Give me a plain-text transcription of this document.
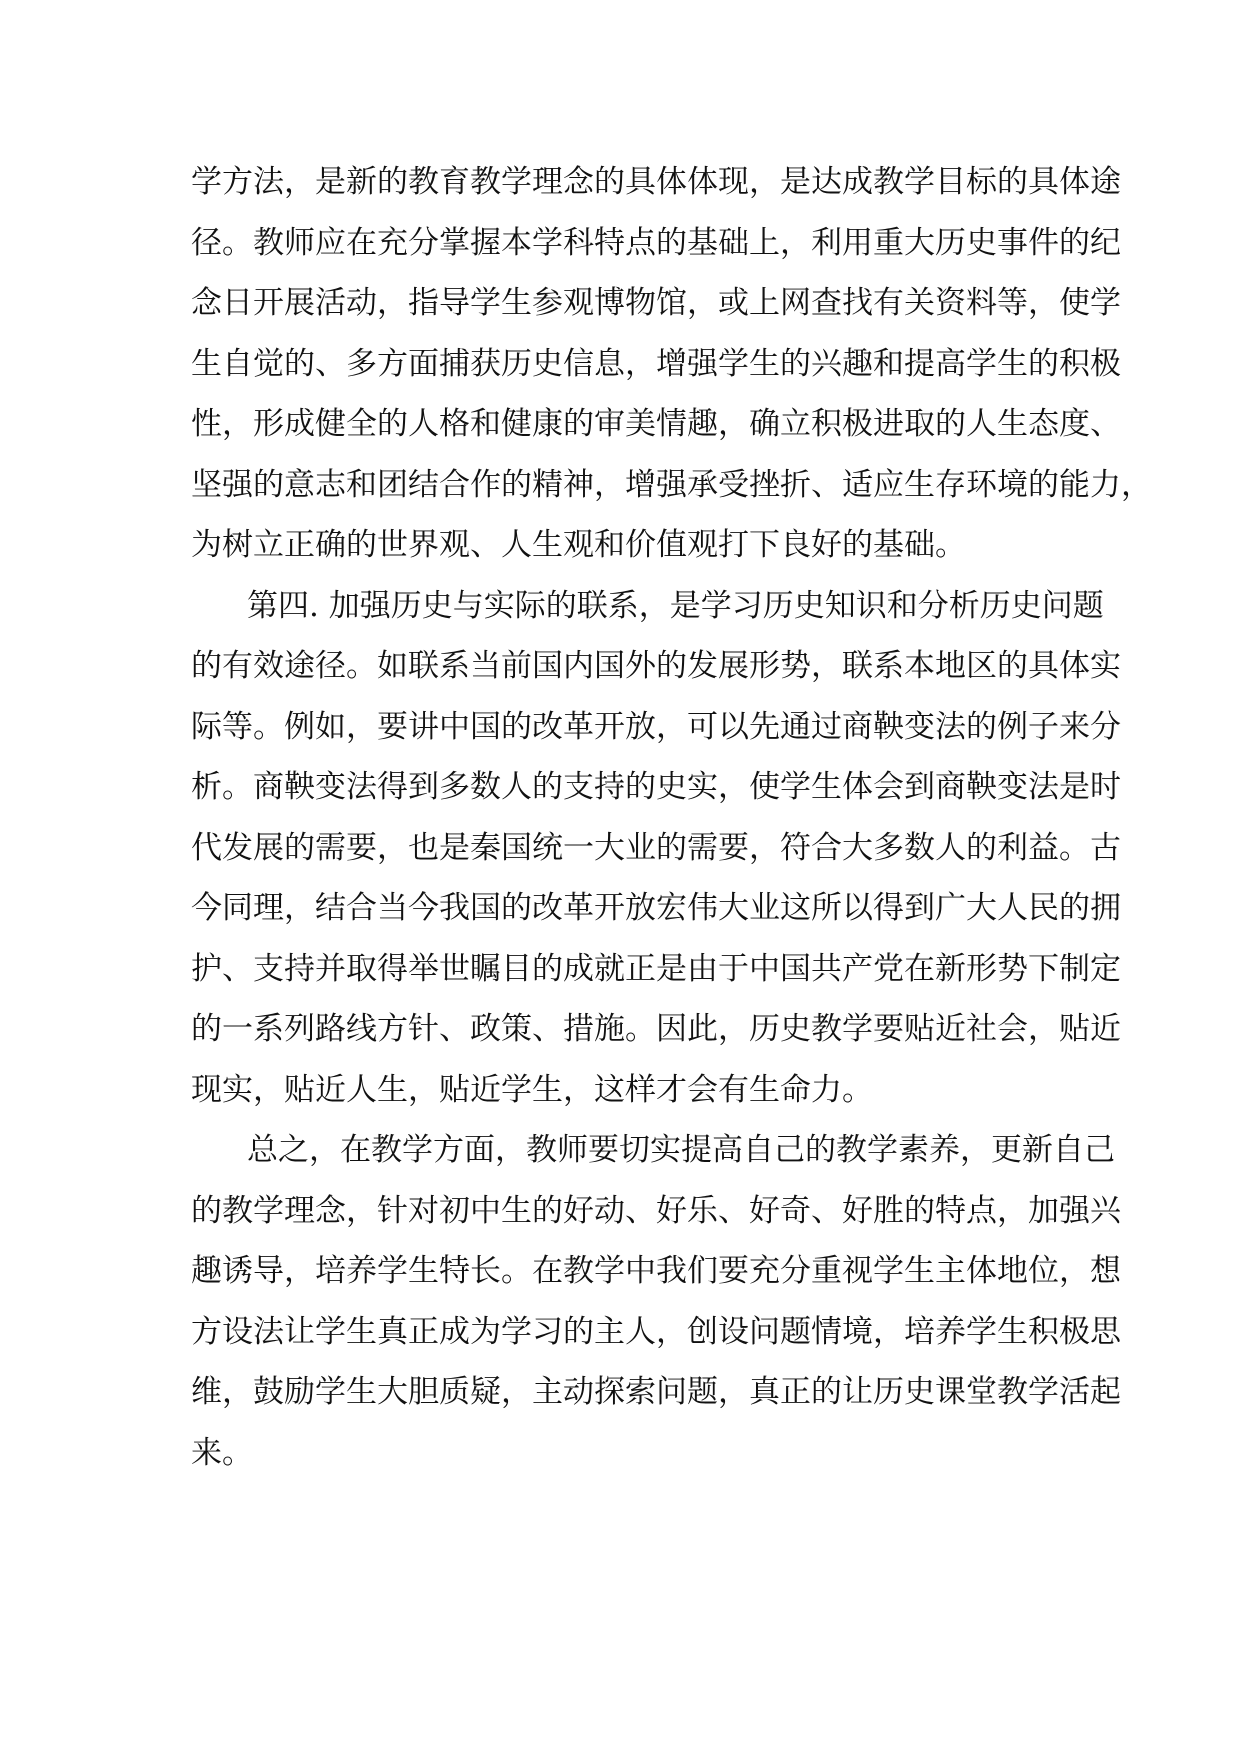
学方法，是新的教育教学理念的具体体现，是达成教学目标的具体途
径。教师应在充分掌握本学科特点的基础上，利用重大历史事件的纪
念日开展活动，指导学生参观博物馆，或上网查找有关资料等，使学
生自觉的、多方面捕获历史信息，增强学生的兴趣和提高学生的积极
性，形成健全的人格和健康的审美情趣，确立积极进取的人生态度、
坚强的意志和团结合作的精神，增强承受挫折、适应生存环境的能力，
为树立正确的世界观、人生观和价值观打下良好的基础。
第四. 加强历史与实际的联系，是学习历史知识和分析历史问题
的有效途径。如联系当前国内国外的发展形势，联系本地区的具体实
际等。例如，要讲中国的改革开放，可以先通过商鞅变法的例子来分
析。商鞅变法得到多数人的支持的史实，使学生体会到商鞅变法是时
代发展的需要，也是秦国统一大业的需要，符合大多数人的利益。古
今同理，结合当今我国的改革开放宏伟大业这所以得到广大人民的拥
护、支持并取得举世瞩目的成就正是由于中国共产党在新形势下制定
的一系列路线方针、政策、措施。因此，历史教学要贴近社会，贴近
现实，贴近人生，贴近学生，这样才会有生命力。
总之，在教学方面，教师要切实提高自己的教学素养，更新自己
的教学理念，针对初中生的好动、好乐、好奇、好胜的特点，加强兴
趣诱导，培养学生特长。在教学中我们要充分重视学生主体地位，想
方设法让学生真正成为学习的主人，创设问题情境，培养学生积极思
维，鼓励学生大胆质疑，主动探索问题，真正的让历史课堂教学活起
来。
